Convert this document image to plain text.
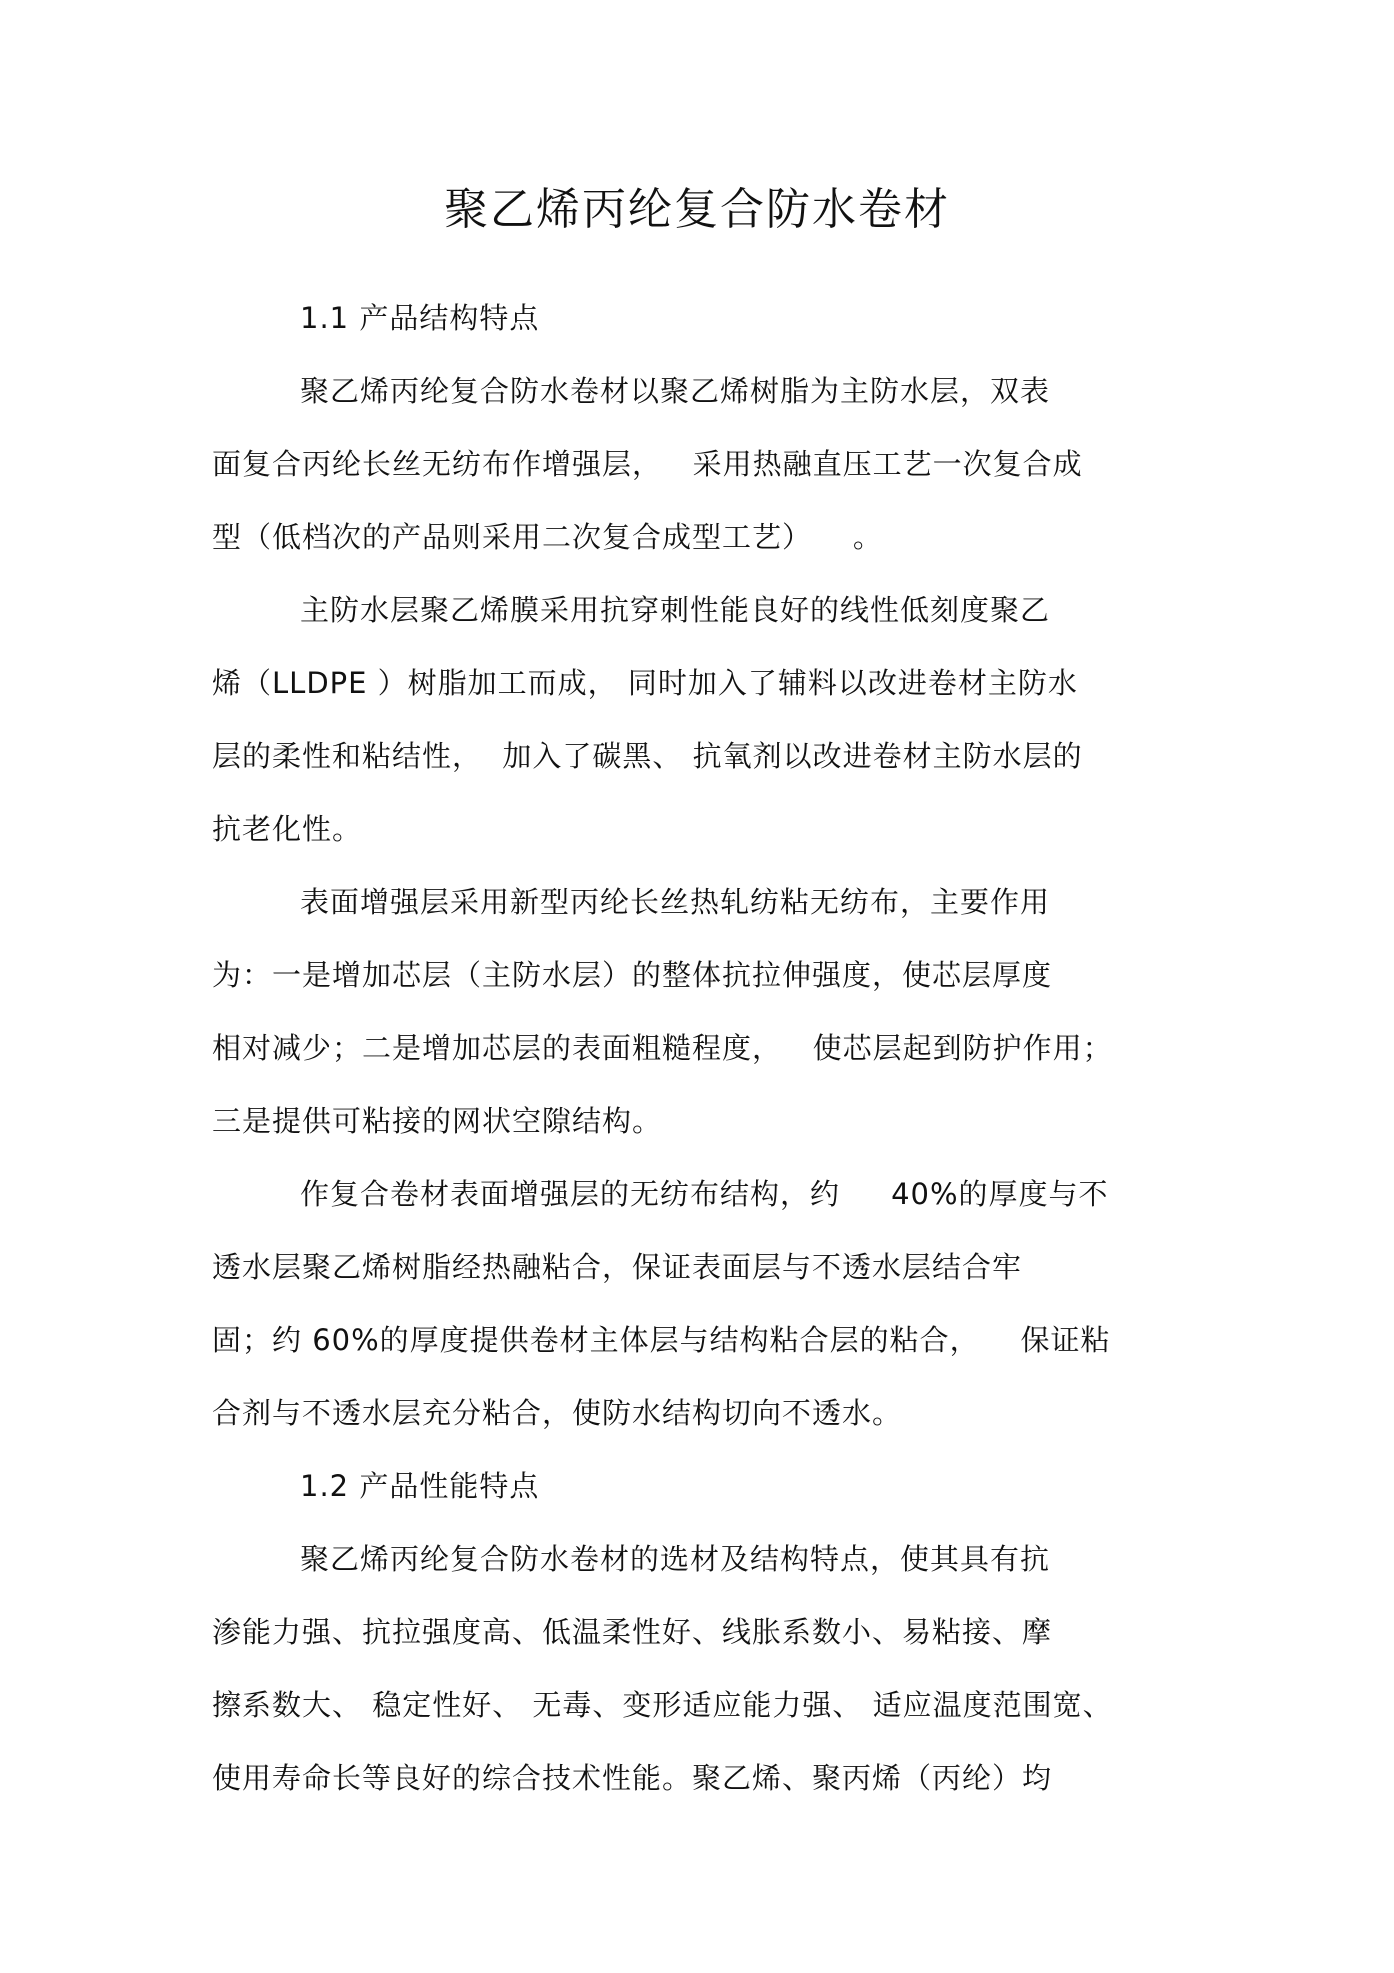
聚乙烯丙纶复合防水卷材
1.1 产品结构特点
聚乙烯丙纶复合防水卷材以聚乙烯树脂为主防水层，双表
面复合丙纶长丝无纺布作增强层，   采用热融直压工艺一次复合成
型（低档次的产品则采用二次复合成型工艺）    。
主防水层聚乙烯膜采用抗穿刺性能良好的线性低刻度聚乙
烯（LLDPE ）树脂加工而成， 同时加入了辅料以改进卷材主防水
层的柔性和粘结性，  加入了碳黑、 抗氧剂以改进卷材主防水层的
抗老化性。
表面增强层采用新型丙纶长丝热轧纺粘无纺布，主要作用
为：一是增加芯层（主防水层）的整体抗拉伸强度，使芯层厚度
相对减少；二是增加芯层的表面粗糙程度，   使芯层起到防护作用；
三是提供可粘接的网状空隙结构。
作复合卷材表面增强层的无纺布结构，约     40%的厚度与不
透水层聚乙烯树脂经热融粘合，保证表面层与不透水层结合牢
固；约 60%的厚度提供卷材主体层与结构粘合层的粘合，    保证粘
合剂与不透水层充分粘合，使防水结构切向不透水。
1.2 产品性能特点
聚乙烯丙纶复合防水卷材的选材及结构特点，使其具有抗
渗能力强、抗拉强度高、低温柔性好、线胀系数小、易粘接、摩
擦系数大、 稳定性好、 无毒、变形适应能力强、 适应温度范围宽、
使用寿命长等良好的综合技术性能。聚乙烯、聚丙烯（丙纶）均
